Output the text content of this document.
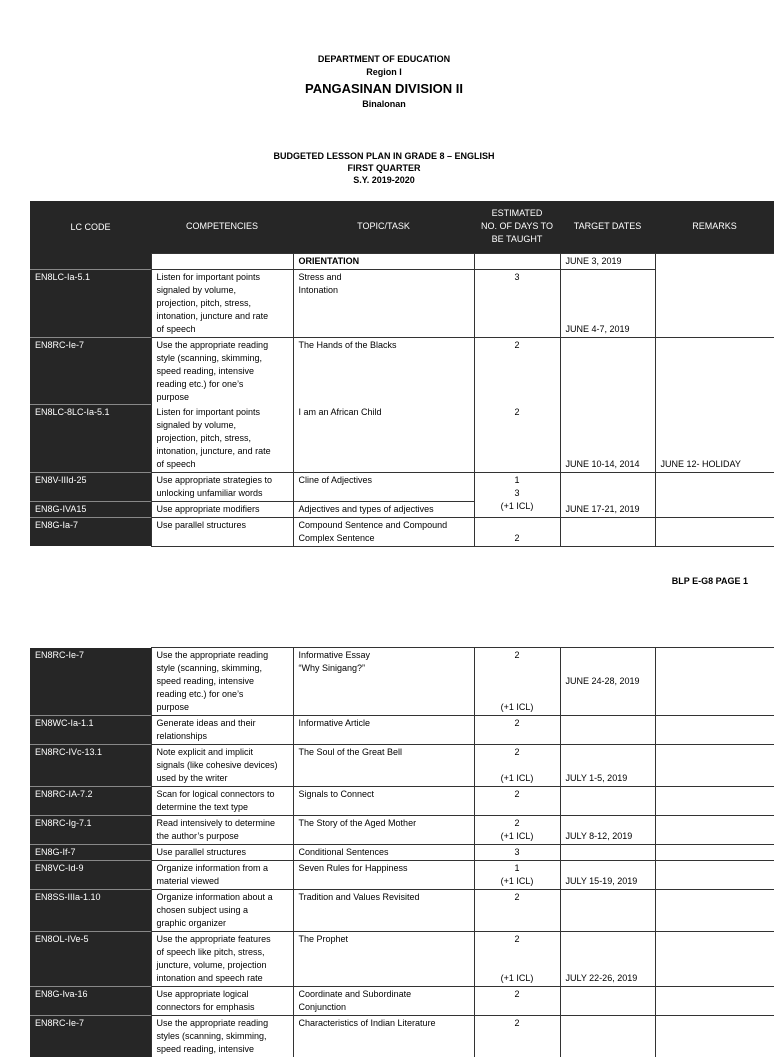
DEPARTMENT OF EDUCATION
Region I
PANGASINAN DIVISION II
Binalonan
BUDGETED LESSON PLAN IN GRADE 8 – ENGLISH
FIRST QUARTER
S.Y. 2019-2020
LC CODE	COMPETENCIES	TOPIC/TASK	ESTIMATED
NO. OF DAYS TO
BE TAUGHT	TARGET DATES	REMARKS
		ORIENTATION		JUNE 3, 2019	
EN8LC-Ia-5.1	Listen for important points
signaled by volume,
projection, pitch, stress,
intonation, juncture and rate
of speech	Stress and
Intonation	3	JUNE 4-7, 2019	
EN8RC-Ie-7	Use the appropriate reading
style (scanning, skimming,
speed reading, intensive
reading etc.) for one’s
purpose	The Hands of the Blacks	2	JUNE 10-14, 2014	JUNE 12- HOLIDAY
EN8LC-8LC-Ia-5.1	Listen for important points
signaled by volume,
projection, pitch, stress,
intonation, juncture, and rate
of speech	I am an African Child	2		
EN8V-IIId-25	Use appropriate strategies to
unlocking unfamiliar words	Cline of Adjectives	1
3
(+1 ICL)	JUNE 17-21, 2019	
EN8G-IVA15	Use appropriate modifiers	Adjectives and types of adjectives			
EN8G-Ia-7	Use parallel structures	Compound Sentence and Compound
Complex Sentence	2		
BLP E-G8 PAGE 1
EN8RC-Ie-7	Use the appropriate reading
style (scanning, skimming,
speed reading, intensive
reading etc.) for one’s
purpose	Informative Essay
“Why Sinigang?”	2
(+1 ICL)	JUNE 24-28, 2019	
EN8WC-Ia-1.1	Generate ideas and their
relationships	Informative Article	2		

EN8RC-IVc-13.1	Note explicit and implicit
signals (like cohesive devices)
used by the writer	The Soul of the Great Bell	2
(+1 ICL)	JULY 1-5, 2019	
EN8RC-IA-7.2	Scan for logical connectors to
determine the text type	Signals to Connect	2		

EN8RC-Ig-7.1	Read intensively to determine
the author’s purpose	The Story of the Aged Mother	2
(+1 ICL)	JULY 8-12, 2019	
EN8G-If-7	Use parallel structures	Conditional Sentences	3		

EN8VC-Id-9	Organize information from a
material viewed	Seven Rules for Happiness	1
(+1 ICL)	JULY 15-19, 2019	
EN8SS-IIIa-1.10	Organize information about a
chosen subject using a
graphic organizer	Tradition and Values Revisited	2		

EN8OL-IVe-5	Use the appropriate features
of speech like pitch, stress,
juncture, volume, projection
intonation and speech rate	The Prophet	2
(+1 ICL)	JULY 22-26, 2019	
EN8G-Iva-16	Use appropriate logical
connectors for emphasis	Coordinate and Subordinate
Conjunction	2		

EN8RC-Ie-7	Use the appropriate reading
styles (scanning, skimming,
speed reading, intensive	Characteristics of Indian Literature	2		
